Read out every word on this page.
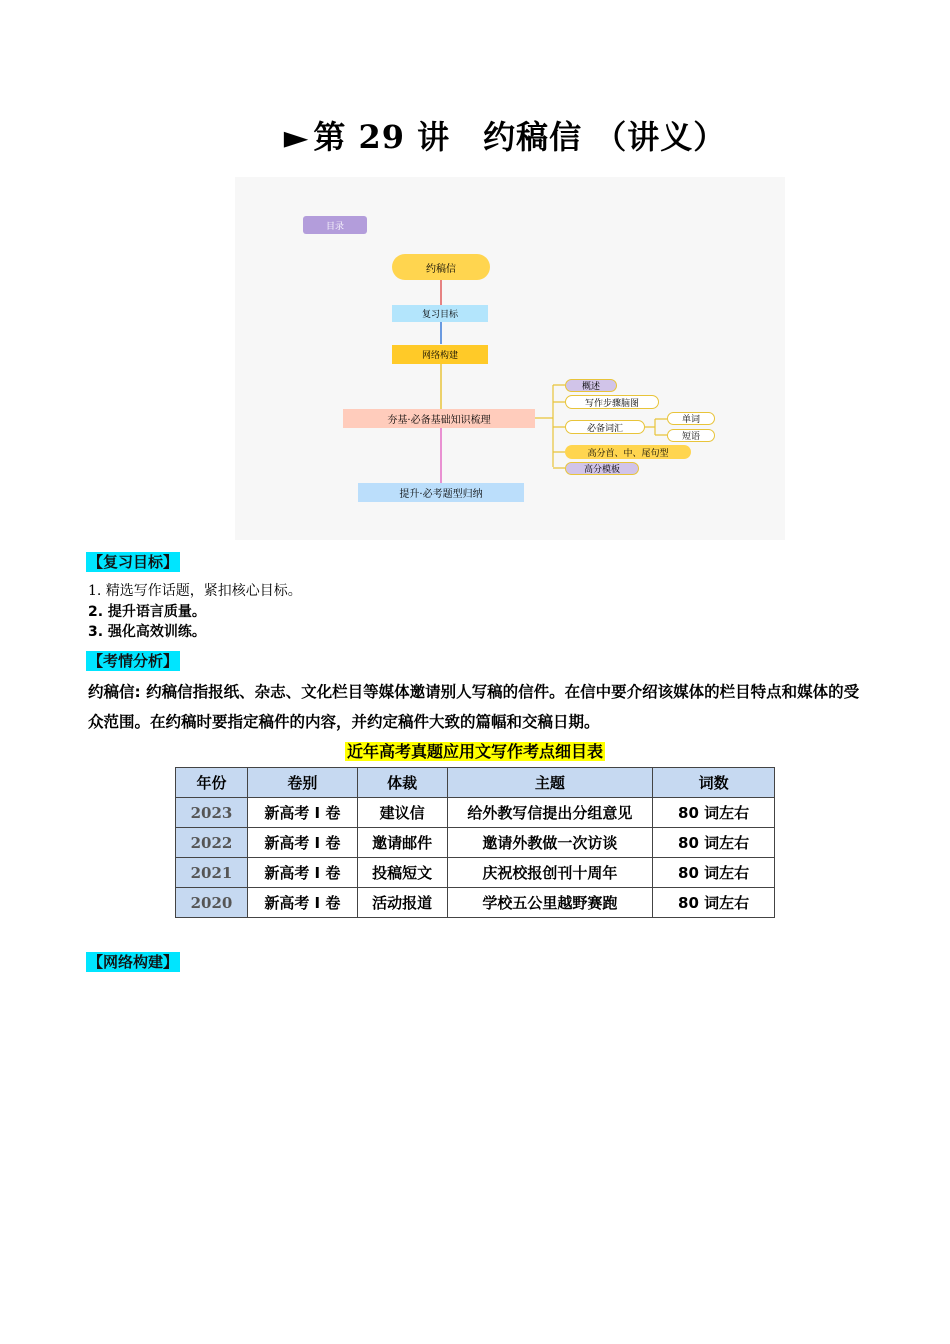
► 第 29 讲　约稿信 （讲义）
目录
约稿信
复习目标
网络构建
夯基·必备基础知识梳理
提升·必考题型归纳
概述
写作步骤脑图
必备词汇
单词
短语
高分首、中、尾句型
高分模板
【复习目标】
1. 精选写作话题，紧扣核心目标。
2. 提升语言质量。
3. 强化高效训练。
【考情分析】
约稿信: 约稿信指报纸、杂志、文化栏目等媒体邀请别人写稿的信件。在信中要介绍该媒体的栏目特点和媒体的受众范围。在约稿时要指定稿件的内容，并约定稿件大致的篇幅和交稿日期。
近年高考真题应用文写作考点细目表
年份	卷别	体裁	主题	词数
2023	新高考 I 卷	建议信	给外教写信提出分组意见	80 词左右
2022	新高考 I 卷	邀请邮件	邀请外教做一次访谈	80 词左右
2021	新高考 I 卷	投稿短文	庆祝校报创刊十周年	80 词左右
2020	新高考 I 卷	活动报道	学校五公里越野赛跑	80 词左右
【网络构建】
